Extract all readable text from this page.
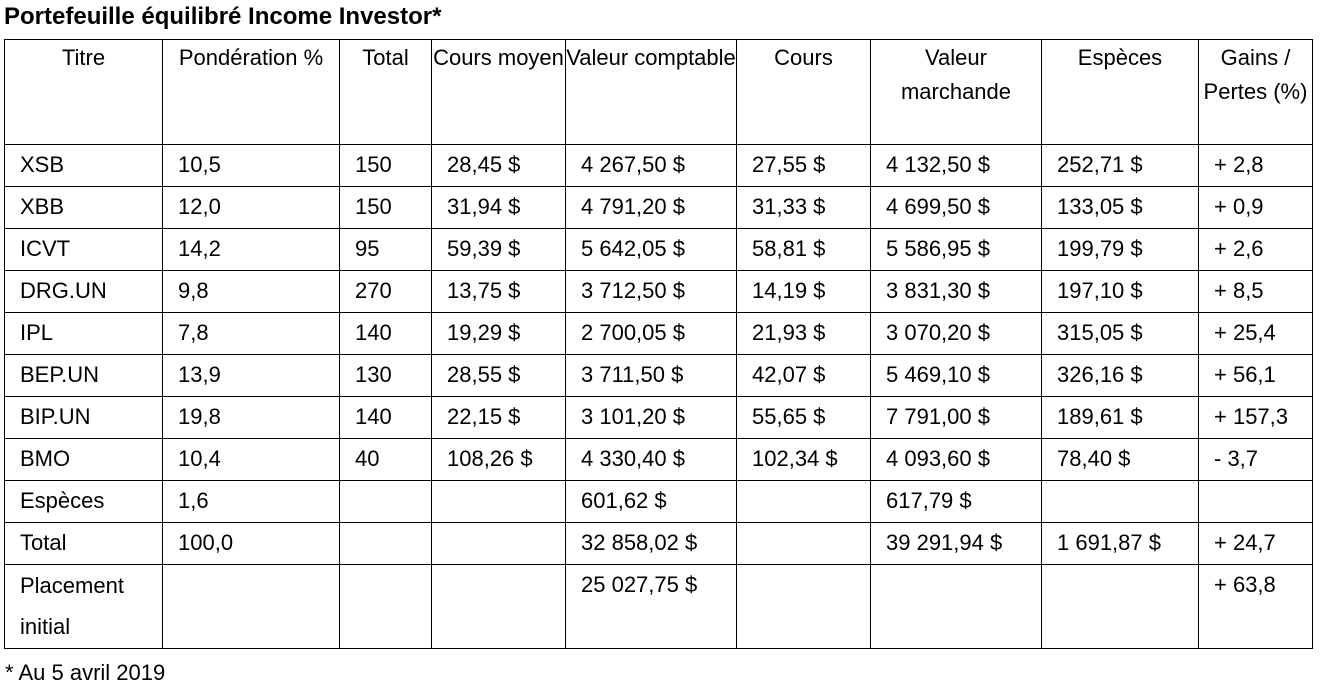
Portefeuille équilibré Income Investor*
Titre	Pondération %	Total	Cours moyen	Valeur comptable	Cours	Valeur marchande	Espèces	Gains / Pertes (%)
XSB	10,5	150	28,45 $	4 267,50 $	27,55 $	4 132,50 $	252,71 $	+ 2,8
XBB	12,0	150	31,94 $	4 791,20 $	31,33 $	4 699,50 $	133,05 $	+ 0,9
ICVT	14,2	95	59,39 $	5 642,05 $	58,81 $	5 586,95 $	199,79 $	+ 2,6
DRG.UN	9,8	270	13,75 $	3 712,50 $	14,19 $	3 831,30 $	197,10 $	+ 8,5
IPL	7,8	140	19,29 $	2 700,05 $	21,93 $	3 070,20 $	315,05 $	+ 25,4
BEP.UN	13,9	130	28,55 $	3 711,50 $	42,07 $	5 469,10 $	326,16 $	+ 56,1
BIP.UN	19,8	140	22,15 $	3 101,20 $	55,65 $	7 791,00 $	189,61 $	+ 157,3
BMO	10,4	40	108,26 $	4 330,40 $	102,34 $	4 093,60 $	78,40 $	- 3,7
Espèces	1,6			601,62 $		617,79 $		
Total	100,0			32 858,02 $		39 291,94 $	1 691,87 $	+ 24,7
Placement initial				25 027,75 $				+ 63,8
* Au 5 avril 2019
